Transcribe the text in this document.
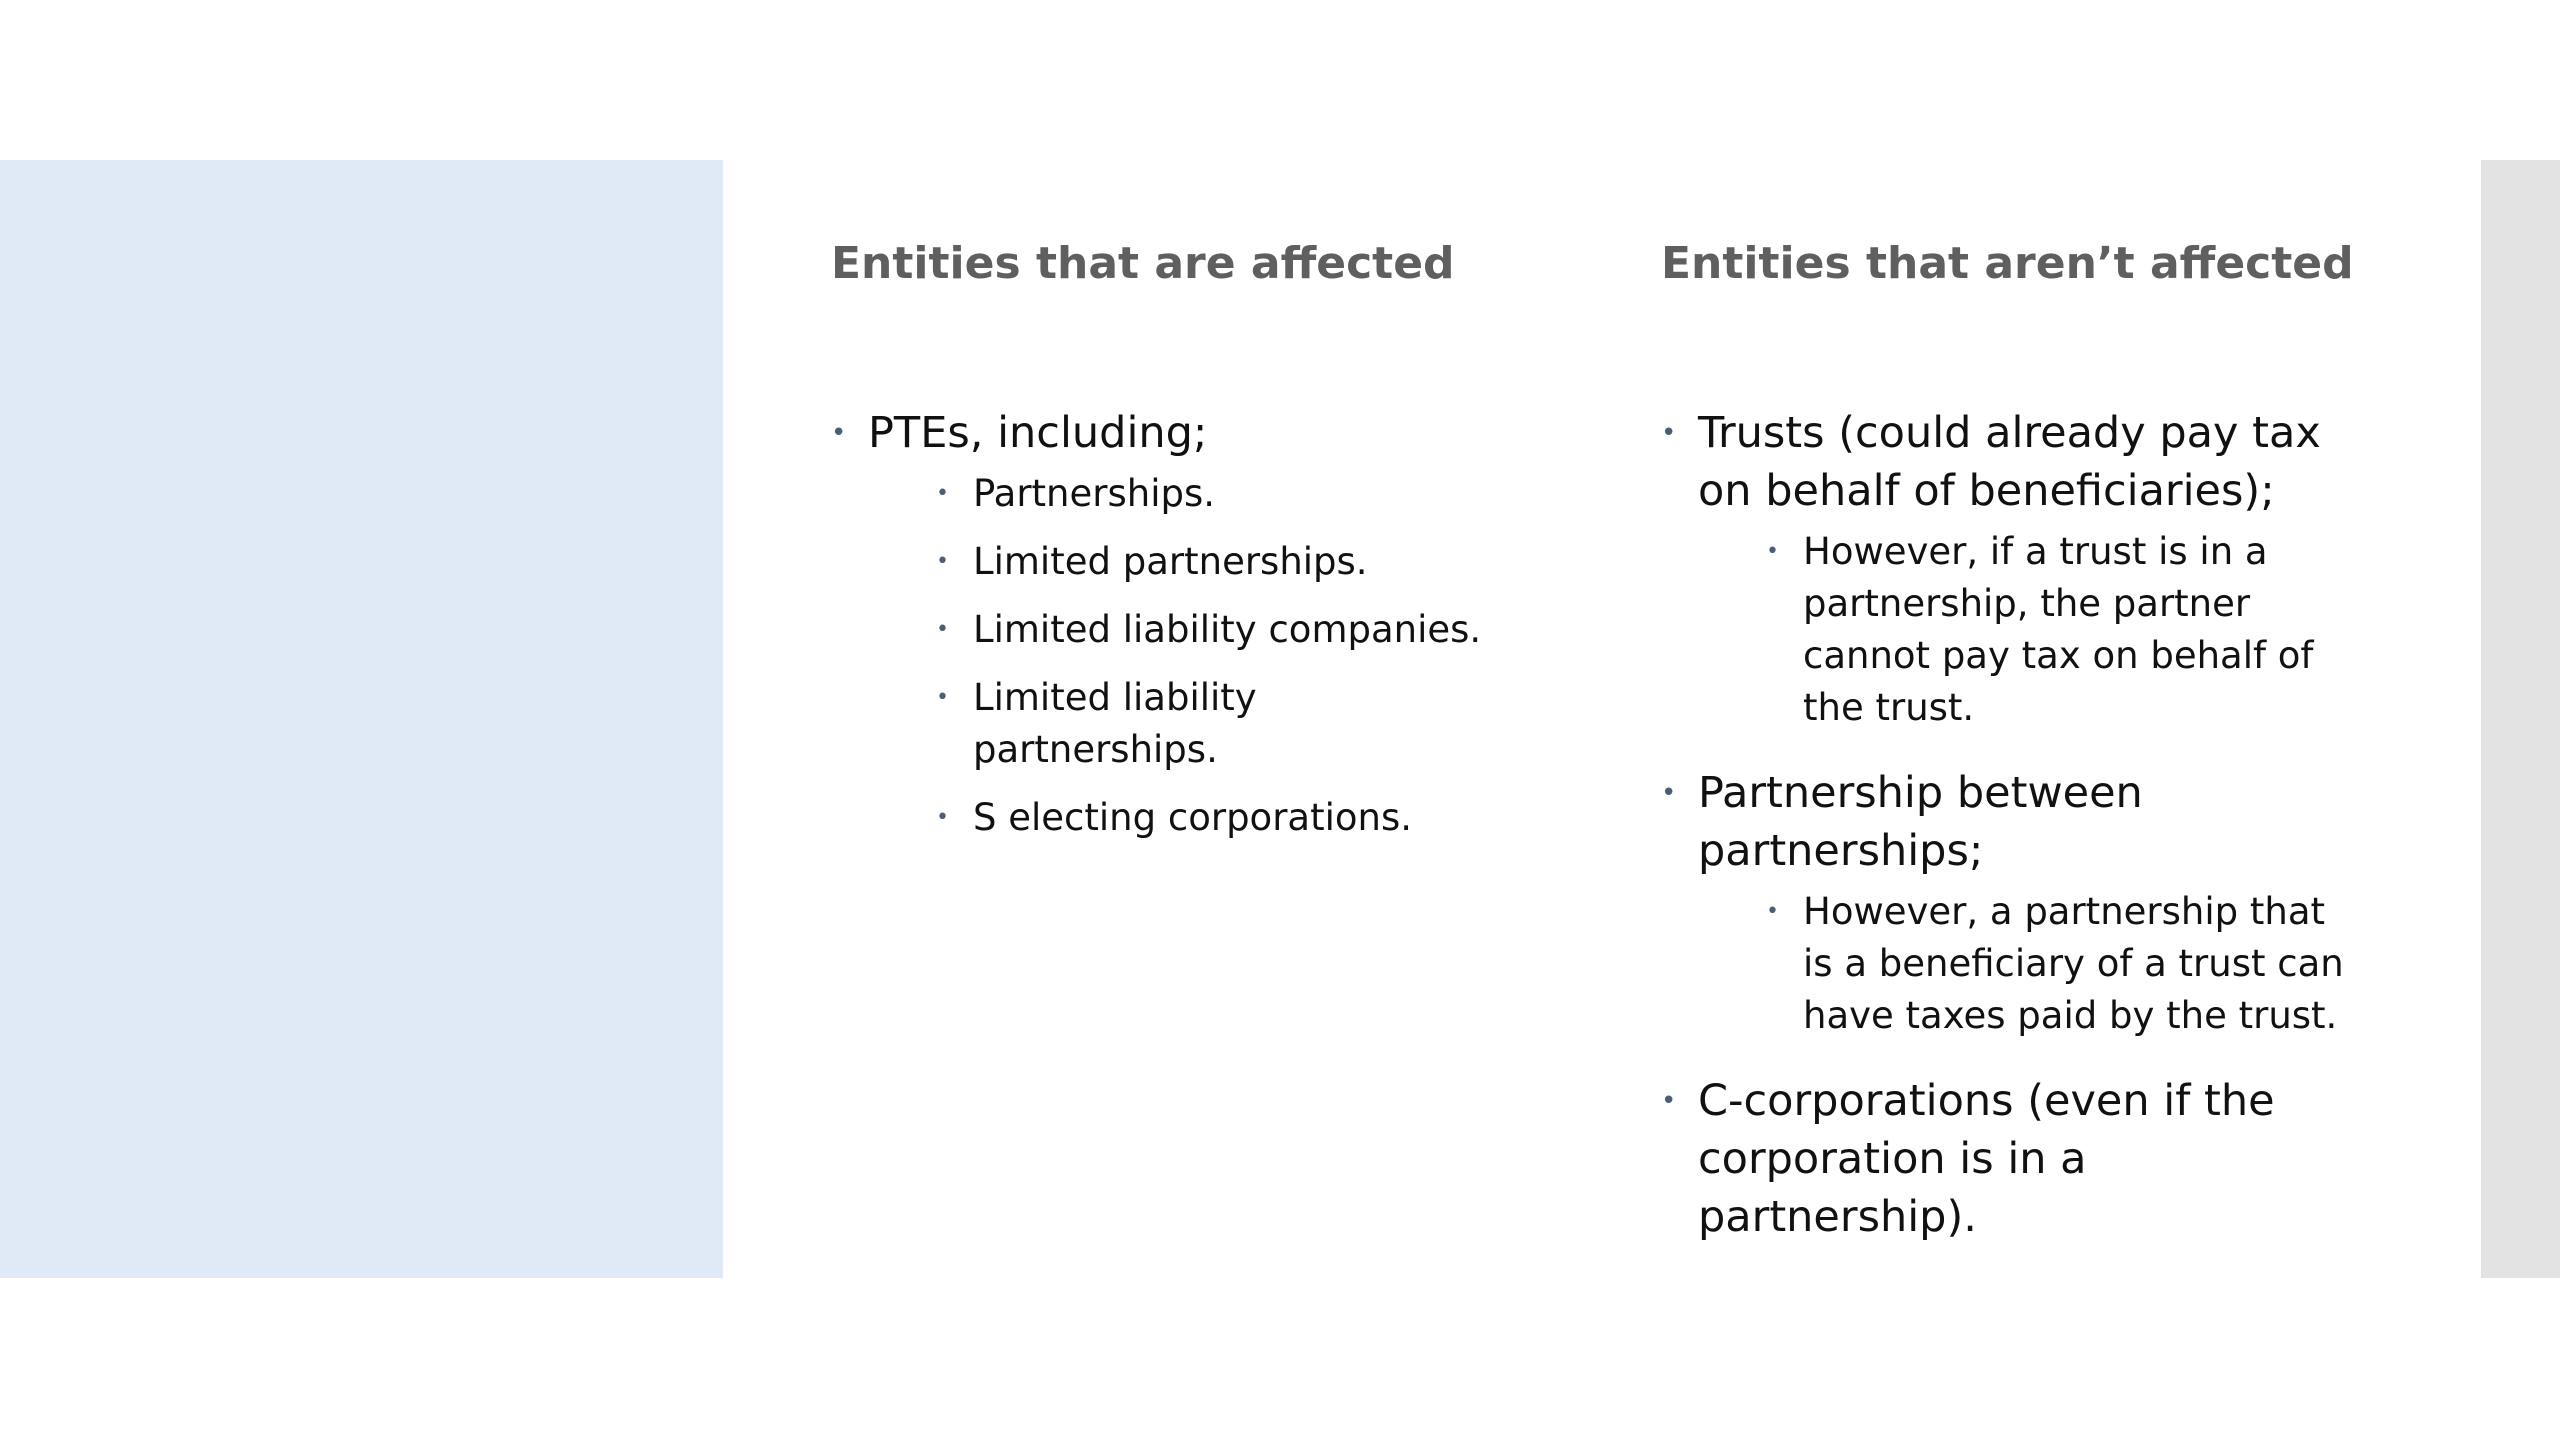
Entities that are affected
• PTEs, including;
• Partnerships.
• Limited partnerships.
• Limited liability companies.
• Limited liability partnerships.
• S electing corporations.
Entities that aren’t affected
• Trusts (could already pay tax on behalf of beneficiaries);
• However, if a trust is in a partnership, the partner cannot pay tax on behalf of the trust.
• Partnership between partnerships;
• However, a partnership that is a beneficiary of a trust can have taxes paid by the trust.
• C-corporations (even if the corporation is in a partnership).
